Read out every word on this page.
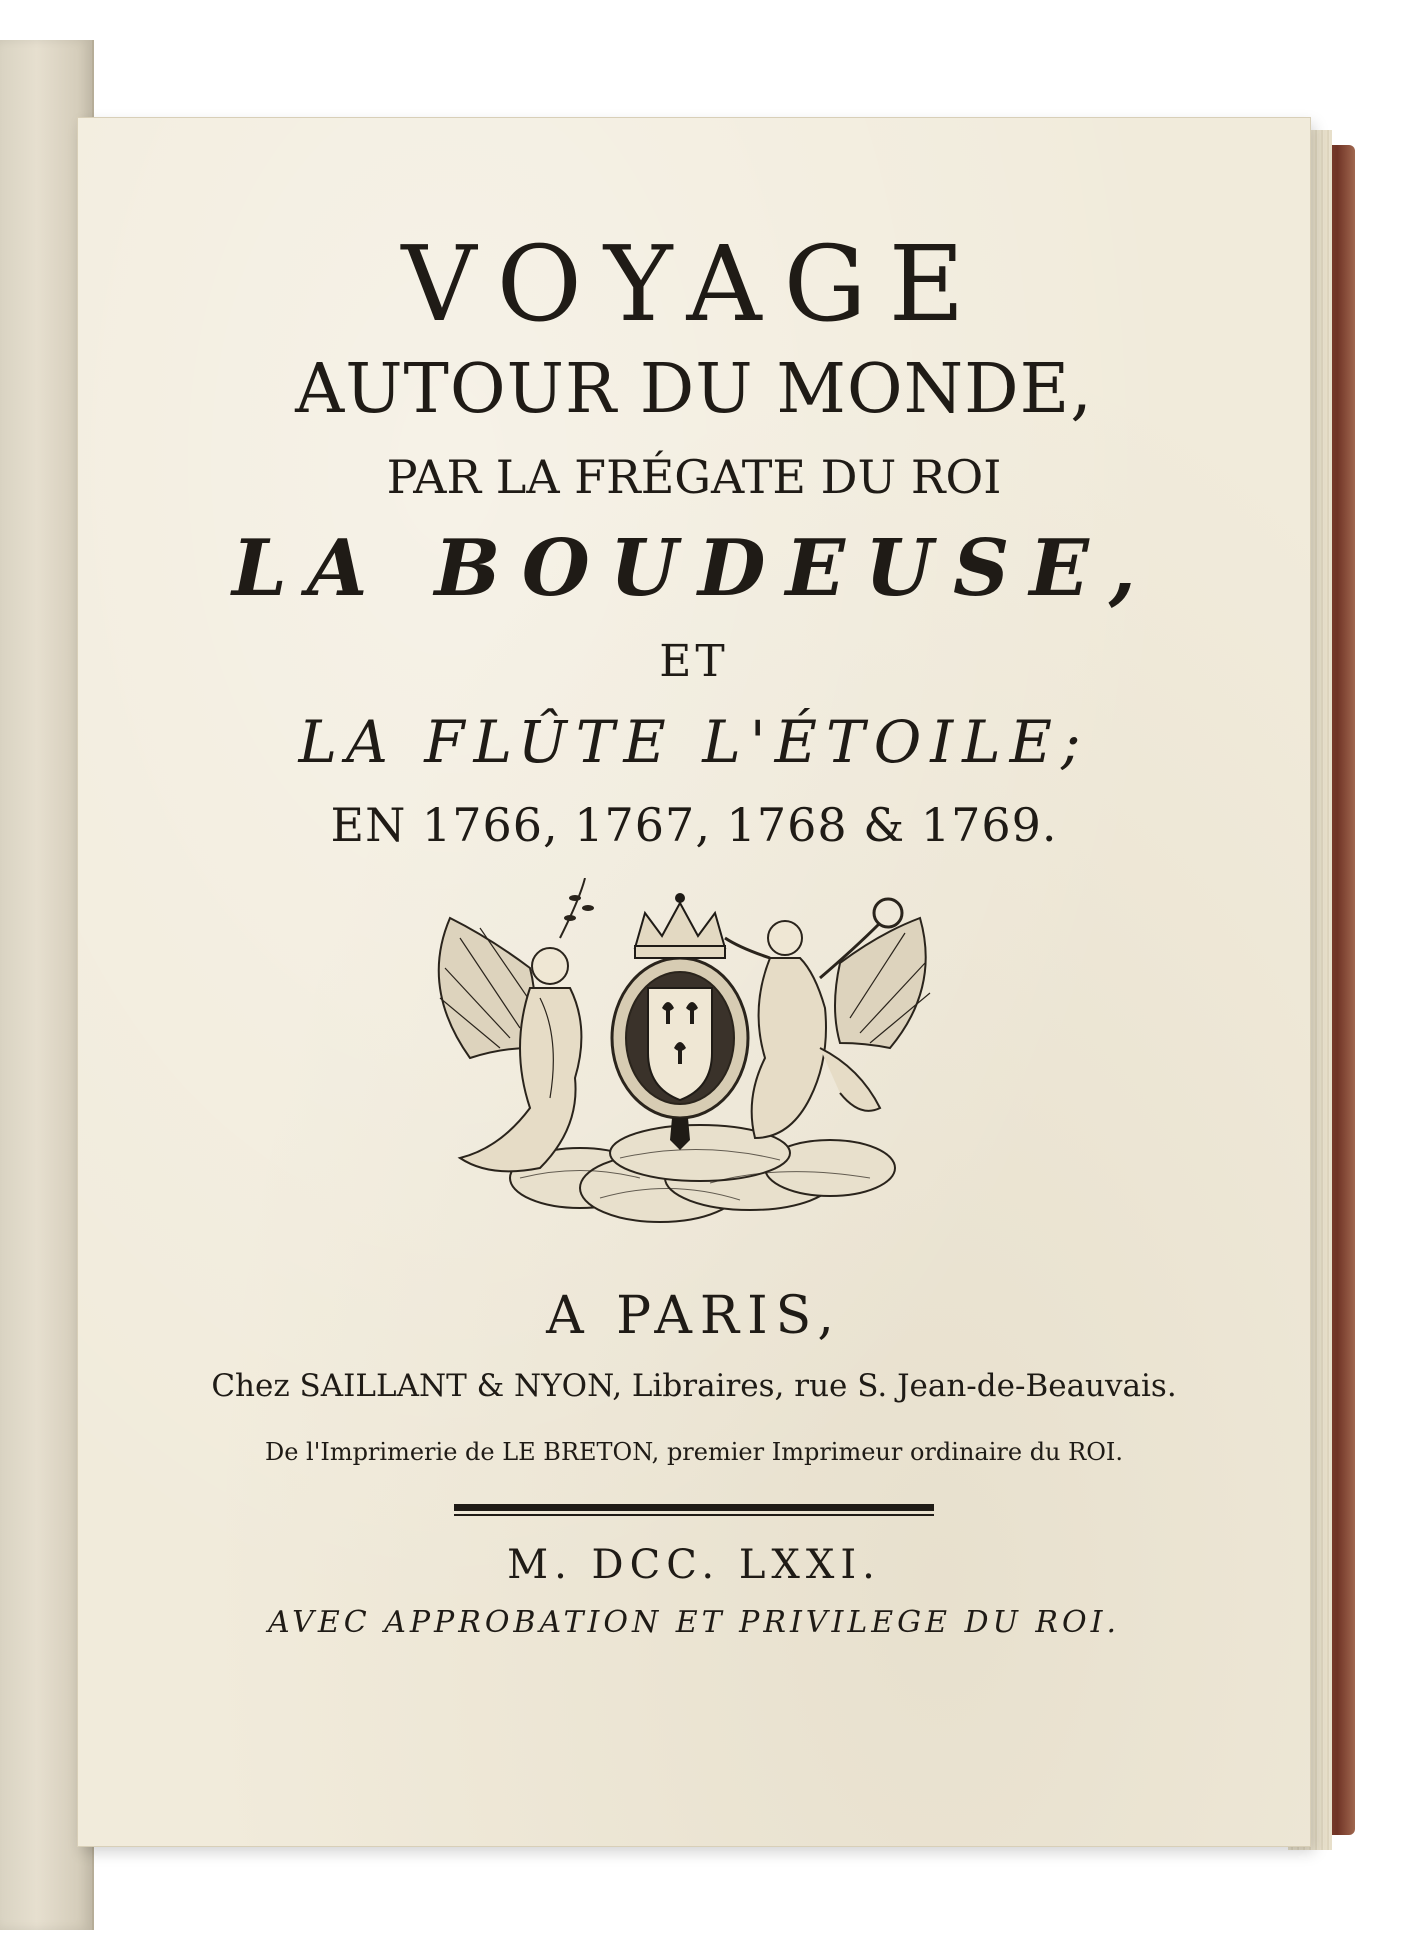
VOYAGE
AUTOUR DU MONDE,
PAR LA FRÉGATE DU ROI
LA BOUDEUSE,
ET
LA FLÛTE L'ÉTOILE;
EN 1766, 1767, 1768 & 1769.
A PARIS,
Chez SAILLANT & NYON, Libraires, rue S. Jean-de-Beauvais.
De l'Imprimerie de LE BRETON, premier Imprimeur ordinaire du ROI.
M. DCC. LXXI.
AVEC APPROBATION ET PRIVILEGE DU ROI.
